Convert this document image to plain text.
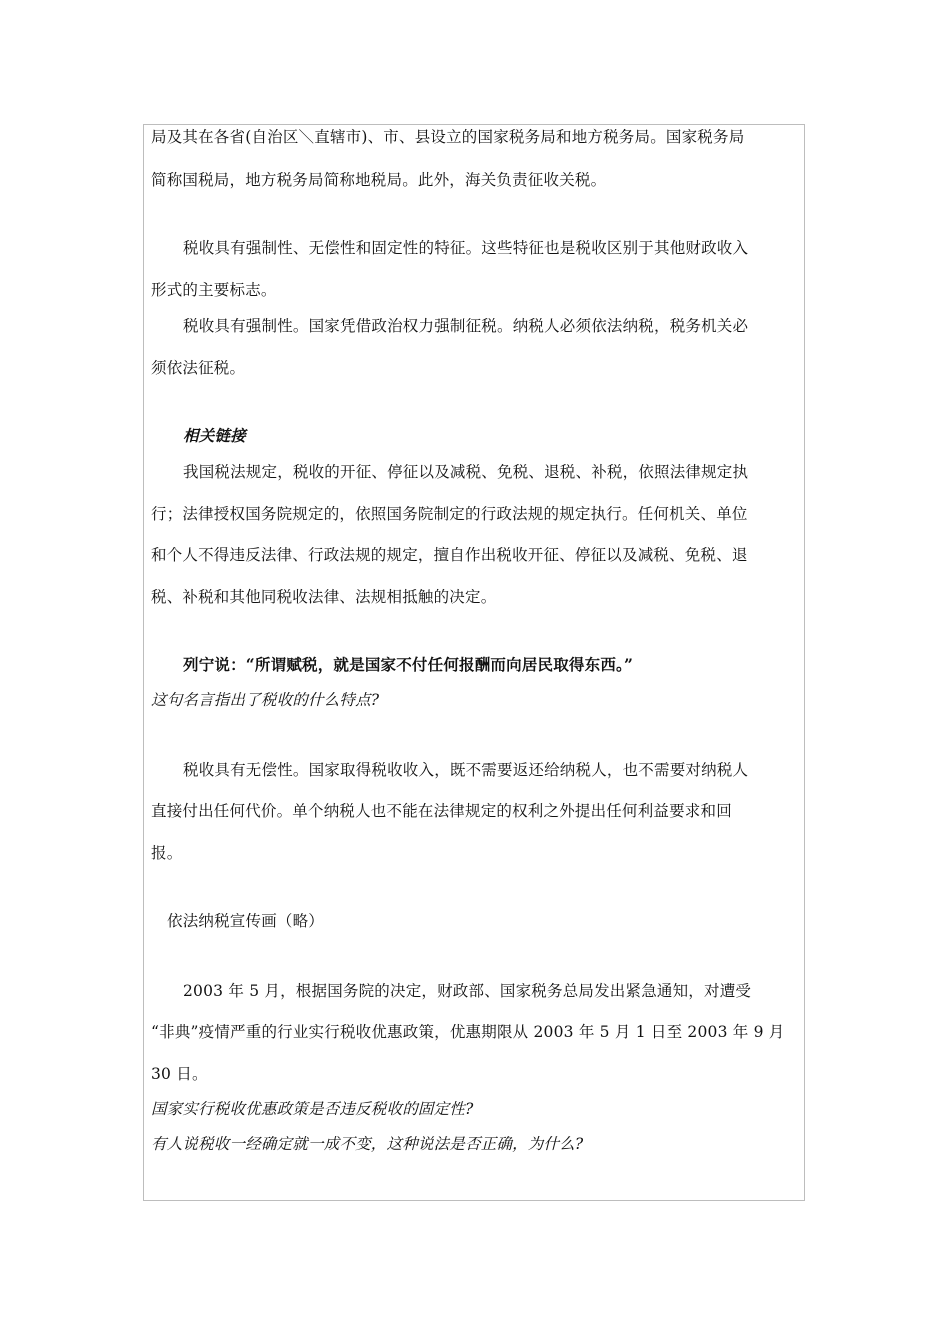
局及其在各省(自治区＼直辖市)、市、县设立的国家税务局和地方税务局。国家税务局
简称国税局，地方税务局简称地税局。此外，海关负责征收关税。
税收具有强制性、无偿性和固定性的特征。这些特征也是税收区别于其他财政收入
形式的主要标志。
税收具有强制性。国家凭借政治权力强制征税。纳税人必须依法纳税，税务机关必
须依法征税。
相关链接
我国税法规定，税收的开征、停征以及减税、免税、退税、补税，依照法律规定执
行；法律授权国务院规定的，依照国务院制定的行政法规的规定执行。任何机关、单位
和个人不得违反法律、行政法规的规定，擅自作出税收开征、停征以及减税、免税、退
税、补税和其他同税收法律、法规相抵触的决定。
列宁说：“所谓赋税，就是国家不付任何报酬而向居民取得东西。”
这句名言指出了税收的什么特点?
税收具有无偿性。国家取得税收收入，既不需要返还给纳税人，也不需要对纳税人
直接付出任何代价。单个纳税人也不能在法律规定的权利之外提出任何利益要求和回
报。
依法纳税宣传画（略）
2003 年 5 月，根据国务院的决定，财政部、国家税务总局发出紧急通知，对遭受
“非典”疫情严重的行业实行税收优惠政策，优惠期限从 2003 年 5 月 1 日至 2003 年 9 月
30 日。
国家实行税收优惠政策是否违反税收的固定性?
有人说税收一经确定就一成不变，这种说法是否正确，为什么?
